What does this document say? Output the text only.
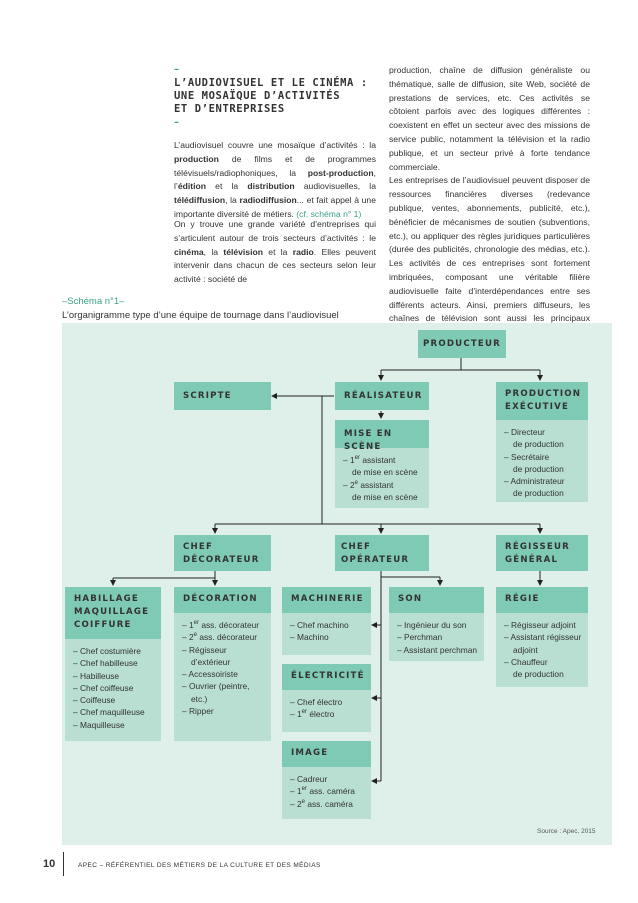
–
L’AUDIOVISUEL ET LE CINÉMA :
UNE MOSAÏQUE D’ACTIVITÉS
ET D’ENTREPRISES
–
L’audiovisuel couvre une mosaïque d’activités : la production de films et de programmes télévisuels/radiophoniques, la post-production, l’édition et la distribution audiovisuelles, la télédiffusion, la radiodiffusion... et fait appel à une importante diversité de métiers. (cf. schéma n° 1)
On y trouve une grande variété d’entreprises qui s’articulent autour de trois secteurs d’activités : le cinéma, la télévision et la radio. Elles peuvent intervenir dans chacun de ces secteurs selon leur activité : société de
production, chaîne de diffusion généraliste ou thématique, salle de diffusion, site Web, société de prestations de services, etc. Ces activités se côtoient parfois avec des logiques différentes : coexistent en effet un secteur avec des missions de service public, notamment la télévision et la radio publique, et un secteur privé à forte tendance commerciale.
Les entreprises de l’audiovisuel peuvent disposer de ressources financières diverses (redevance publique, ventes, abonnements, publicité, etc.), bénéficier de mécanismes de soutien (subventions, etc.), ou appliquer des règles juridiques particulières (durée des publicités, chronologie des médias, etc.). Les activités de ces entreprises sont fortement imbriquées, composant une véritable filière audiovisuelle faite d’interdépendances entre ses différents acteurs. Ainsi, premiers diffuseurs, les chaînes de télévision sont aussi les principaux
–Schéma n°1–
L’organigramme type d’une équipe de tournage dans l’audiovisuel
PRODUCTEUR
SCRIPTE	RÉALISATEUR	PRODUCTION
EXÉCUTIVE
– Directeur
de production
– Secrétaire
de production
– Administrateur
de production
MISE EN SCÈNE
– 1er assistant
de mise en scène
– 2e assistant
de mise en scène
CHEF
DÉCORATEUR
CHEF OPÉRATEUR
RÉGISSEUR
GÉNÉRAL
HABILLAGE
MAQUILLAGE
COIFFURE
– Chef costumière
– Chef habilleuse
– Habilleuse
– Chef coiffeuse
– Coiffeuse
– Chef maquilleuse
– Maquilleuse
DÉCORATION
– 1er ass. décorateur
– 2e ass. décorateur
– Régisseur
d’extérieur
– Accessoiriste
– Ouvrier (peintre,
etc.)
– Ripper
MACHINERIE
– Chef machino
– Machino
ÉLECTRICITÉ
– Chef électro
– 1er électro
IMAGE
– Cadreur
– 1er ass. caméra
– 2e ass. caméra
SON
– Ingénieur du son
– Perchman
– Assistant perchman
RÉGIE
– Régisseur adjoint
– Assistant régisseur
adjoint
– Chauffeur
de production
Source : Apec, 2015
10	APEC – RÉFÉRENTIEL DES MÉTIERS DE LA CULTURE ET DES MÉDIAS
